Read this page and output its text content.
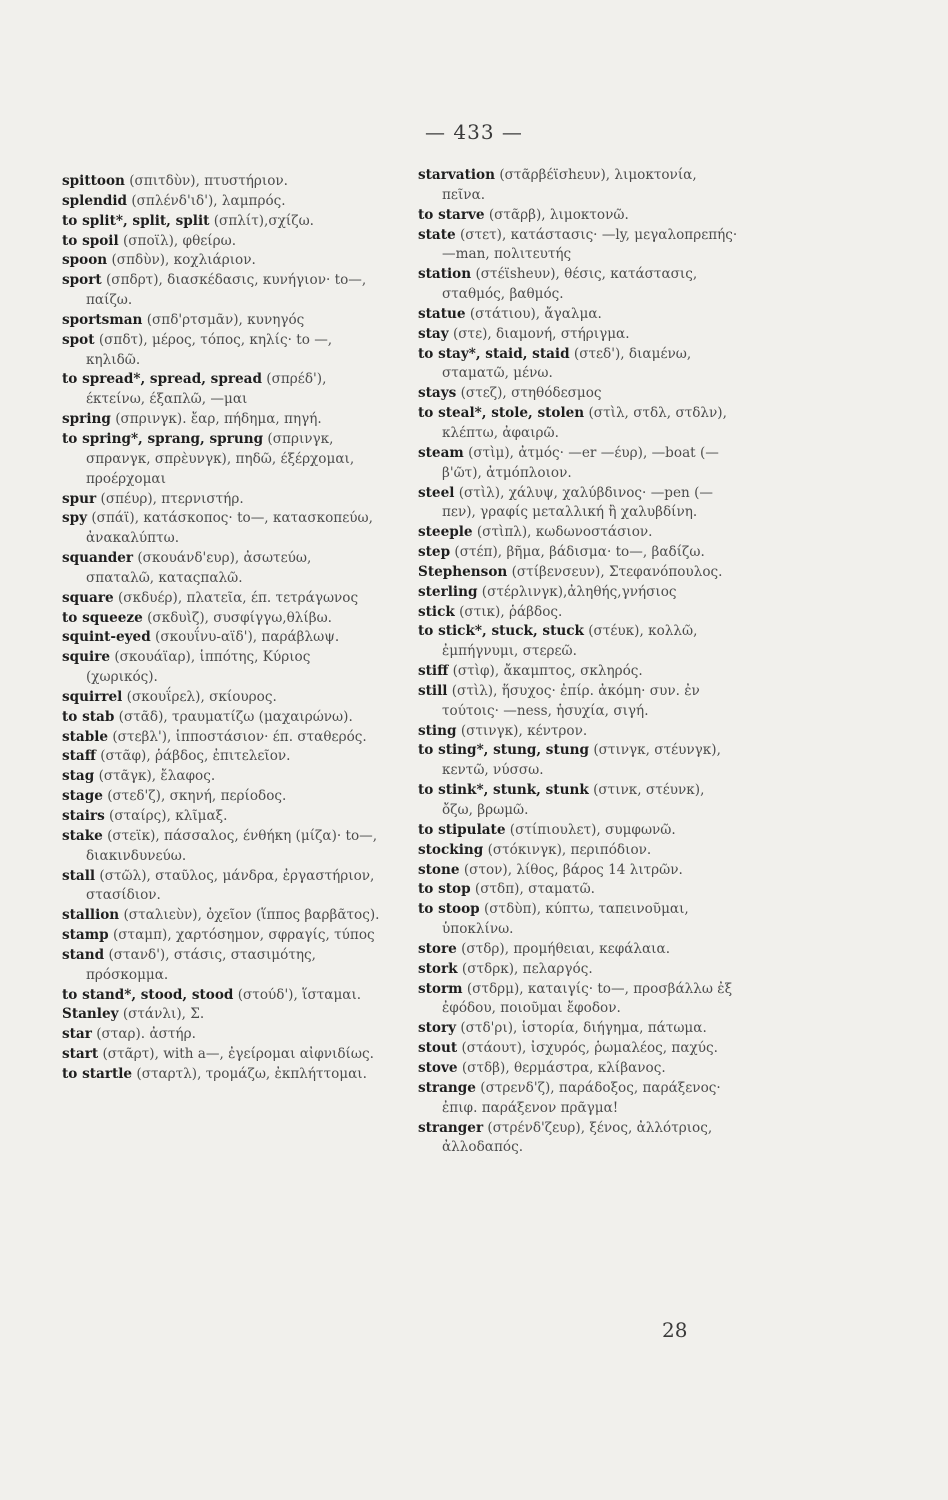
— 433 —
spittoon (σπιτδὺν), πτυστήριον.
splendid (σπλένδ'ιδ'), λαμπρός.
to split*, split, split (σπλίτ),σχίζω.
to spoil (σποϊλ), φθείρω.
spoon (σπδὺν), κοχλιάριον.
sport (σπδρτ), διασκέδασις, κυνήγιον· to—, παίζω.
sportsman (σπδ'ρτσμᾶν), κυνηγός
spot (σπδτ), μέρος, τόπος, κηλίς· to —, κηλιδῶ.
to spread*, spread, spread (σπρέδ'), έκτείνω, έξαπλῶ, —μαι
spring (σπρινγκ). ἔαρ, πήδημα, πηγή.
to spring*, sprang, sprung (σπρινγκ, σπρανγκ, σπρὲυνγκ), πηδῶ, έξέρχομαι, προέρχομαι
spur (σπέυρ), πτερνιστήρ.
spy (σπάϊ), κατάσκοπος· to—, κατασκοπεύω, ἀνακαλύπτω.
squander (σκουάνδ'ευρ), ἀσωτεύω, σπαταλῶ, καταςπαλῶ.
square (σκδυέρ), πλατεῖα, έπ. τετράγωνος
to squeeze (σκδυὶζ), συσφίγγω,θλίβω.
squint-eyed (σκουΐνυ-αϊδ'), παράβλωψ.
squire (σκουάϊαρ), ἱππότης, Κύριος (χωρικός).
squirrel (σκουΐρελ), σκίουρος.
to stab (στᾶδ), τραυματίζω (μαχαιρώνω).
stable (στεβλ'), ἱπποστάσιον· έπ. σταθερός.
staff (στᾶφ), ῥάβδος, ἐπιτελεῖον.
stag (στᾶγκ), ἔλαφος.
stage (στεδ'ζ), σκηνή, περίοδος.
stairs (σταίρς), κλῖμαξ.
stake (στεϊκ), πάσσαλος, ένθήκη (μίζα)· to—, διακινδυνεύω.
stall (στῶλ), σταῦλος, μάνδρα, ἐργαστήριον, στασίδιον.
stallion (σταλιεὺν), ὀχεῖον (ἵππος βαρβᾶτος).
stamp (σταμπ), χαρτόσημον, σφραγίς, τύπος
stand (στανδ'), στάσις, στασιμότης, πρόσκομμα.
to stand*, stood, stood (στούδ'), ἵσταμαι.
Stanley (στάνλι), Σ.
star (σταρ). ἀστήρ.
start (στᾶρτ), with a—, ἐγείρομαι αἰφνιδίως.
to startle (σταρτλ), τρομάζω, ἐκπλήττομαι.
starvation (στᾶρβέϊσhευν), λιμοκτονία, πεῖνα.
to starve (στᾶρβ), λιμοκτονῶ.
state (στετ), κατάστασις· —ly, μεγαλοπρεπής· —man, πολιτευτής
station (στέϊsheυν), θέσις, κατάστασις, σταθμός, βαθμός.
statue (στάτιου), ἄγαλμα.
stay (στε), διαμονή, στήριγμα.
to stay*, staid, staid (στεδ'), διαμένω, σταματῶ, μένω.
stays (στεζ), στηθόδεσμος
to steal*, stole, stolen (στὶλ, στδλ, στδλν), κλέπτω, ἀφαιρῶ.
steam (στὶμ), ἀτμός· —er —έυρ), —boat (—β'ῶτ), ἀτμόπλοιον.
steel (στὶλ), χάλυψ, χαλύβδινος· —pen (—πεν), γραφίς μεταλλική ἢ χαλυβδίνη.
steeple (στὶπλ), κωδωνοστάσιον.
step (στέπ), βῆμα, βάδισμα· to—, βαδίζω.
Stephenson (στίβενσευν), Στεφανόπουλος.
sterling (στέρλινγκ),ἀληθής,γνήσιος
stick (στικ), ῥάβδος.
to stick*, stuck, stuck (στέυκ), κολλῶ, ἐμπήγνυμι, στερεῶ.
stiff (στὶφ), ἄκαμπτος, σκληρός.
still (στὶλ), ἥσυχος· ἐπίρ. ἀκόμη· συν. ἐν τούτοις· —ness, ἡσυχία, σιγή.
sting (στινγκ), κέντρον.
to sting*, stung, stung (στινγκ, στέυνγκ), κεντῶ, νύσσω.
to stink*, stunk, stunk (στινκ, στέυνκ), ὄζω, βρωμῶ.
to stipulate (στίπιουλετ), συμφωνῶ.
stocking (στόκινγκ), περιπόδιον.
stone (στον), λίθος, βάρος 14 λιτρῶν.
to stop (στδπ), σταματῶ.
to stoop (στδὺπ), κύπτω, ταπεινοῦμαι, ὑποκλίνω.
store (στδρ), προμήθειαι, κεφάλαια.
stork (στδρκ), πελαργός.
storm (στδρμ), καταιγίς· to—, προσβάλλω ἐξ ἐφόδου, ποιοῦμαι ἔφοδον.
story (στδ'ρι), ἱστορία, διήγημα, πάτωμα.
stout (στάουτ), ἰσχυρός, ῥωμαλέος, παχύς.
stove (στδβ), θερμάστρα, κλίβανος.
strange (στρενδ'ζ), παράδοξος, παράξενος· ἐπιφ. παράξενον πρᾶγμα!
stranger (στρένδ'ζευρ), ξένος, ἀλλότριος, ἀλλοδαπός.
28
